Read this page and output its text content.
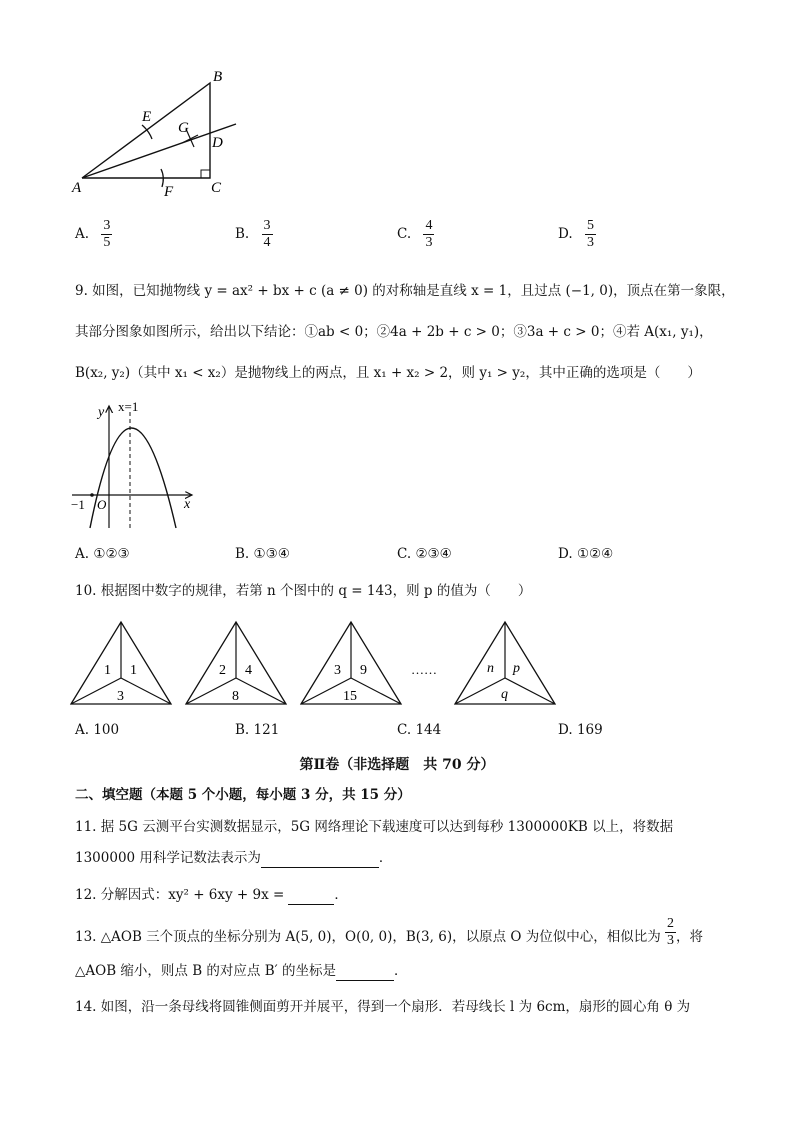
B
E
G
D
A	F	C
A. $\frac{3}{5}$	B. $\frac{3}{4}$	C. $\frac{4}{3}$	D. $\frac{5}{3}$
9. 如图，已知抛物线 y = ax² + bx + c (a ≠ 0) 的对称轴是直线 x = 1，且过点 (−1, 0)，顶点在第一象限，
其部分图象如图所示，给出以下结论：①ab < 0；②4a + 2b + c > 0；③3a + c > 0；④若 A(x₁, y₁)，
B(x₂, y₂)（其中 x₁ < x₂）是抛物线上的两点，且 x₁ + x₂ > 2，则 y₁ > y₂，其中正确的选项是（　　）
y x=1
x
O
−1
A. ①②③	B. ①③④	C. ②③④	D. ①②④
10. 根据图中数字的规律，若第 n 个图中的 q = 143，则 p 的值为（　　）
1 1
3
2 4
8
3 9
15
……	n p
q
A. 100	B. 121	C. 144	D. 169
第Ⅱ卷（非选择题　共 70 分）
二、填空题（本题 5 个小题，每小题 3 分，共 15 分）
11. 据 5G 云测平台实测数据显示，5G 网络理论下载速度可以达到每秒 1300000KB 以上，将数据
1300000 用科学记数法表示为	．
12. 分解因式：xy² + 6xy + 9x =	．
13. △AOB 三个顶点的坐标分别为 A(5, 0)，O(0, 0)，B(3, 6)，以原点 O 为位似中心，相似比为 $\frac{2}{3}$ ，将
△AOB 缩小，则点 B 的对应点 B′ 的坐标是	．
14. 如图，沿一条母线将圆锥侧面剪开并展平，得到一个扇形．若母线长 l 为 6cm，扇形的圆心角 θ 为
